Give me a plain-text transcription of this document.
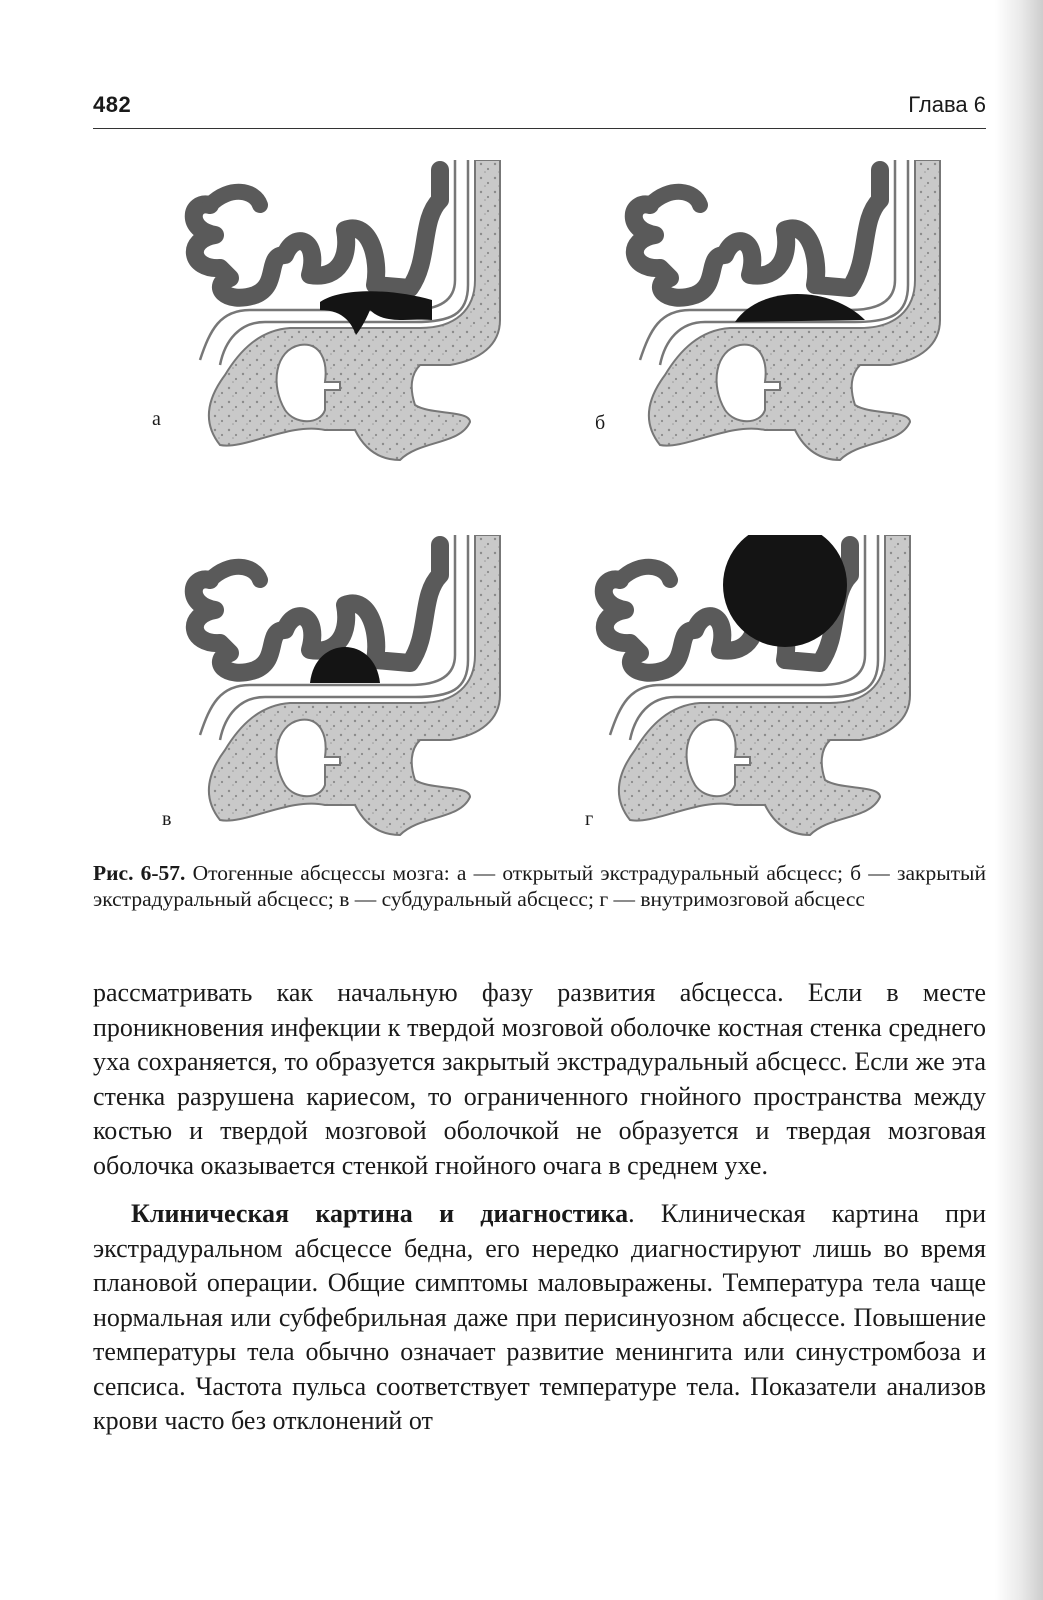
482	Глава 6
а	б
в	г
Рис. 6-57. Отогенные абсцессы мозга: а — открытый экстрадуральный абсцесс; б — закрытый экстрадуральный абсцесс; в — субдуральный абсцесс; г — внутримозговой абсцесс

рассматривать как начальную фазу развития абсцесса. Если в месте проникновения инфекции к твердой мозговой оболочке костная стенка среднего уха сохраняется, то образуется закрытый экстрадуральный абсцесс. Если же эта стенка разрушена кариесом, то ограниченного гнойного пространства между костью и твердой мозговой оболочкой не образуется и твердая мозговая оболочка оказывается стенкой гнойного очага в среднем ухе.

Клиническая картина и диагностика. Клиническая картина при экстрадуральном абсцессе бедна, его нередко диагностируют лишь во время плановой операции. Общие симптомы маловыражены. Температура тела чаще нормальная или субфебрильная даже при перисинуозном абсцессе. Повышение температуры тела обычно означает развитие менингита или синустромбоза и сепсиса. Частота пульса соответствует температуре тела. Показатели анализов крови часто без отклонений от
